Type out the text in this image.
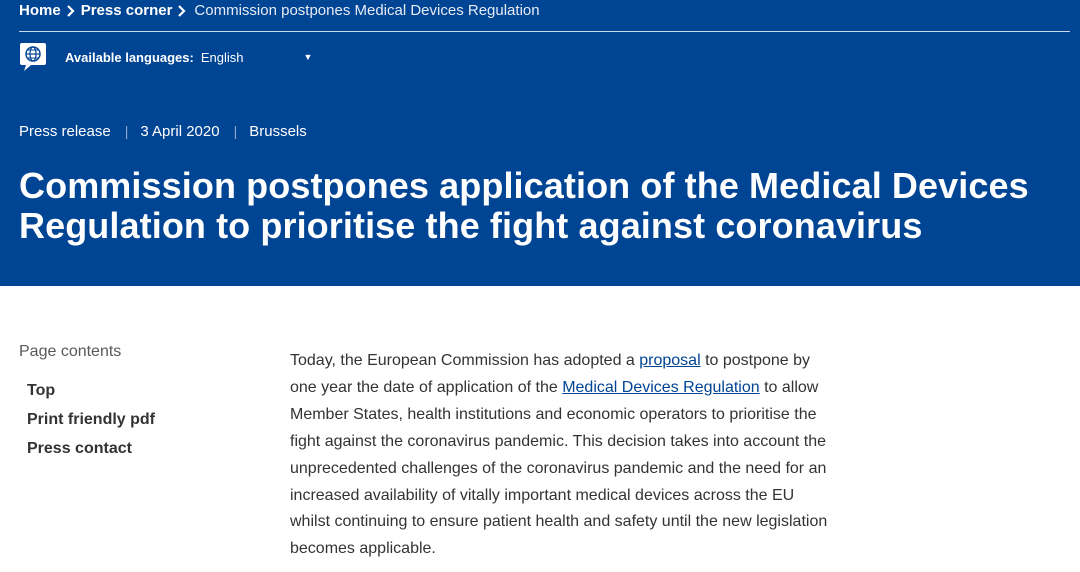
Home Press corner Commission postpones Medical Devices Regulation
Available languages: English	▼
Press release | 3 April 2020 | Brussels
Commission postpones application of the Medical Devices Regulation to prioritise the fight against coronavirus
Page contents
Top
Print friendly pdf
Press contact

Today, the European Commission has adopted a proposal to postpone by one year the date of application of the Medical Devices Regulation to allow Member States, health institutions and economic operators to prioritise the fight against the coronavirus pandemic. This decision takes into account the unprecedented challenges of the coronavirus pandemic and the need for an increased availability of vitally important medical devices across the EU whilst continuing to ensure patient health and safety until the new legislation becomes applicable.
